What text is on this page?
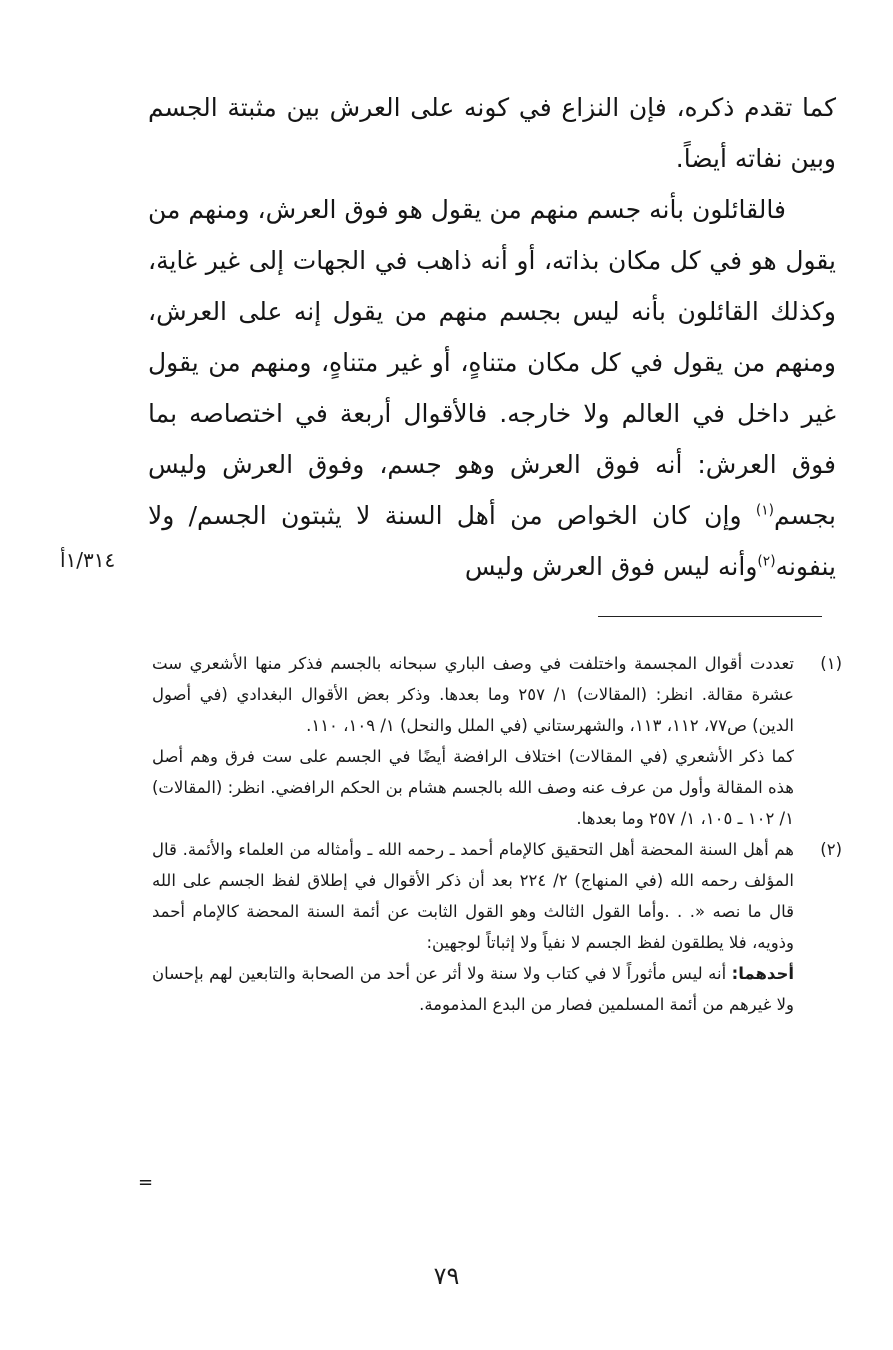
كما تقدم ذكره، فإن النزاع في كونه على العرش بين مثبتة الجسم وبين نفاته أيضاً.

فالقائلون بأنه جسم منهم من يقول هو فوق العرش، ومنهم من يقول هو في كل مكان بذاته، أو أنه ذاهب في الجهات إلى غير غاية، وكذلك القائلون بأنه ليس بجسم منهم من يقول إنه على العرش، ومنهم من يقول في كل مكان متناهٍ، أو غير متناهٍ، ومنهم من يقول غير داخل في العالم ولا خارجه. فالأقوال أربعة في اختصاصه بما فوق العرش: أنه فوق العرش وهو جسم، وفوق العرش وليس بجسم$^{(١)}$ وإن كان الخواص من أهل السنة لا يثبتون الجسم/ ولا ينفونه$^{(٢)}$وأنه ليس فوق العرش وليس

١/٣١٤أ
(١)

تعددت أقوال المجسمة واختلفت في وصف الباري سبحانه بالجسم فذكر منها الأشعري ست عشرة مقالة. انظر: (المقالات) ١/ ٢٥٧ وما بعدها. وذكر بعض الأقوال البغدادي (في أصول الدين) ص٧٧، ١١٢، ١١٣، والشهرستاني (في الملل والنحل) ١/ ١٠٩، ١١٠.

كما ذكر الأشعري (في المقالات) اختلاف الرافضة أيضًا في الجسم على ست فرق وهم أصل هذه المقالة وأول من عرف عنه وصف الله بالجسم هشام بن الحكم الرافضي. انظر: (المقالات) ١/ ١٠٢ ـ ١٠٥، ١/ ٢٥٧ وما بعدها.

(٢)

هم أهل السنة المحضة أهل التحقيق كالإمام أحمد ـ رحمه الله ـ وأمثاله من العلماء والأئمة. قال المؤلف رحمه الله (في المنهاج) ٢/ ٢٢٤ بعد أن ذكر الأقوال في إطلاق لفظ الجسم على الله قال ما نصه «. . .وأما القول الثالث وهو القول الثابت عن أئمة السنة المحضة كالإمام أحمد وذويه، فلا يطلقون لفظ الجسم لا نفياً ولا إثباتاً لوجهين:

أحدهما: أنه ليس مأثوراً لا في كتاب ولا سنة ولا أثر عن أحد من الصحابة والتابعين لهم بإحسان ولا غيرهم من أئمة المسلمين فصار من البدع المذمومة.

=
٧٩
